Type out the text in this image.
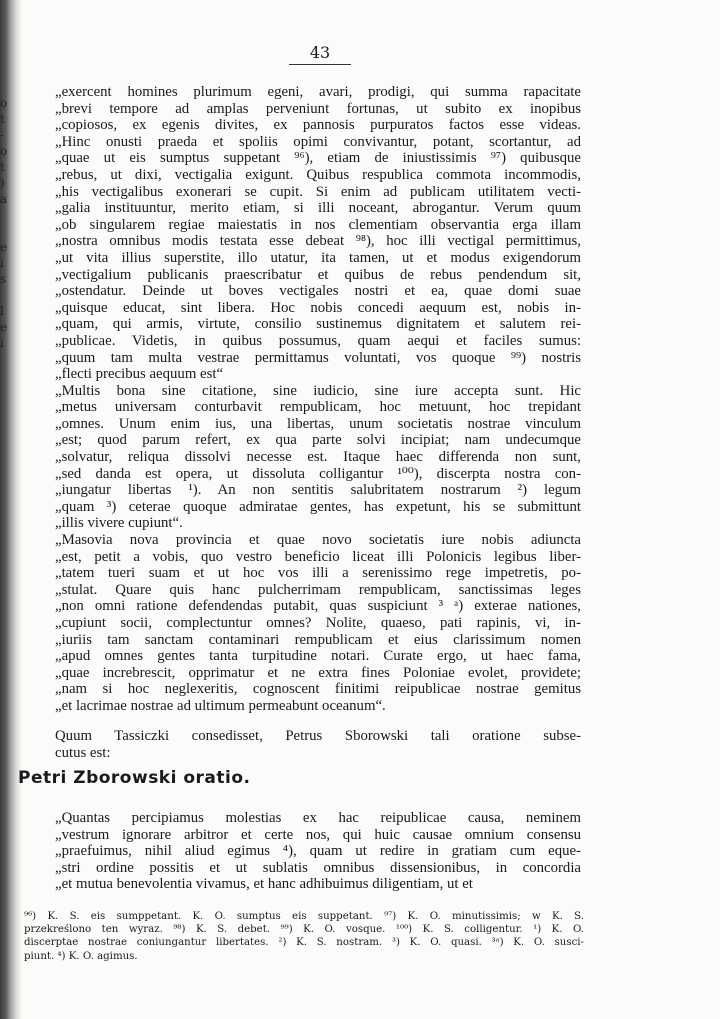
o
t
-
o
t
)
a
e
i
s
l
e
i
43
„exercent homines plurimum egeni, avari, prodigi, qui summa rapacitate
„brevi tempore ad amplas perveniunt fortunas, ut subito ex inopibus
„copiosos, ex egenis divites, ex pannosis purpuratos factos esse videas.
„Hinc onusti praeda et spoliis opimi convivantur, potant, scortantur, ad
„quae ut eis sumptus suppetant ⁹⁶), etiam de iniustissimis ⁹⁷) quibusque
„rebus, ut dixi, vectigalia exigunt. Quibus respublica commota incommodis,
„his vectigalibus exonerari se cupit. Si enim ad publicam utilitatem vecti-
„galia instituuntur, merito etiam, si illi noceant, abrogantur. Verum quum
„ob singularem regiae maiestatis in nos clementiam observantia erga illam
„nostra omnibus modis testata esse debeat ⁹⁸), hoc illi vectigal permittimus,
„ut vita illius superstite, illo utatur, ita tamen, ut et modus exigendorum
„vectigalium publicanis praescribatur et quibus de rebus pendendum sit,
„ostendatur. Deinde ut boves vectigales nostri et ea, quae domi suae
„quisque educat, sint libera. Hoc nobis concedi aequum est, nobis in-
„quam, qui armis, virtute, consilio sustinemus dignitatem et salutem rei-
„publicae. Videtis, in quibus possumus, quam aequi et faciles sumus:
„quum tam multa vestrae permittamus voluntati, vos quoque ⁹⁹) nostris
„flecti precibus aequum est“
„Multis bona sine citatione, sine iudicio, sine iure accepta sunt. Hic
„metus universam conturbavit rempublicam, hoc metuunt, hoc trepidant
„omnes. Unum enim ius, una libertas, unum societatis nostrae vinculum
„est; quod parum refert, ex qua parte solvi incipiat; nam undecumque
„solvatur, reliqua dissolvi necesse est. Itaque haec differenda non sunt,
„sed danda est opera, ut dissoluta colligantur ¹⁰⁰), discerpta nostra con-
„iungatur libertas ¹). An non sentitis salubritatem nostrarum ²) legum
„quam ³) ceterae quoque admiratae gentes, has expetunt, his se submittunt
„illis vivere cupiunt“.
„Masovia nova provincia et quae novo societatis iure nobis adiuncta
„est, petit a vobis, quo vestro beneficio liceat illi Polonicis legibus liber-
„tatem tueri suam et ut hoc vos illi a serenissimo rege impetretis, po-
„stulat. Quare quis hanc pulcherrimam rempublicam, sanctissimas leges
„non omni ratione defendendas putabit, quas suspiciunt ³ ᵃ) exterae nationes,
„cupiunt socii, complectuntur omnes? Nolite, quaeso, pati rapinis, vi, in-
„iuriis tam sanctam contaminari rempublicam et eius clarissimum nomen
„apud omnes gentes tanta turpitudine notari. Curate ergo, ut haec fama,
„quae increbrescit, opprimatur et ne extra fines Poloniae evolet, providete;
„nam si hoc neglexeritis, cognoscent finitimi reipublicae nostrae gemitus
„et lacrimae nostrae ad ultimum permeabunt oceanum“.
Quum Tassiczki consedisset, Petrus Sborowski tali oratione subse-
cutus est:
Petri Zborowski oratio.
„Quantas percipiamus molestias ex hac reipublicae causa, neminem
„vestrum ignorare arbitror et certe nos, qui huic causae omnium consensu
„praefuimus, nihil aliud egimus ⁴), quam ut redire in gratiam cum eque-
„stri ordine possitis et ut sublatis omnibus dissensionibus, in concordia
„et mutua benevolentia vivamus, et hanc adhibuimus diligentiam, ut et
⁹⁶) K. S. eis sumppetant. K. O. sumptus eis suppetant. ⁹⁷) K. O. minutissimis; w K. S.
przekreślono ten wyraz. ⁹⁸) K. S. debet. ⁹⁹) K. O. vosque. ¹⁰⁰) K. S. colligentur. ¹) K. O.
discerptae nostrae coniungantur libertates. ²) K. S. nostram. ³) K. O. quasi. ³ᵃ) K. O. susci-
piunt. ⁴) K. O. agimus.
